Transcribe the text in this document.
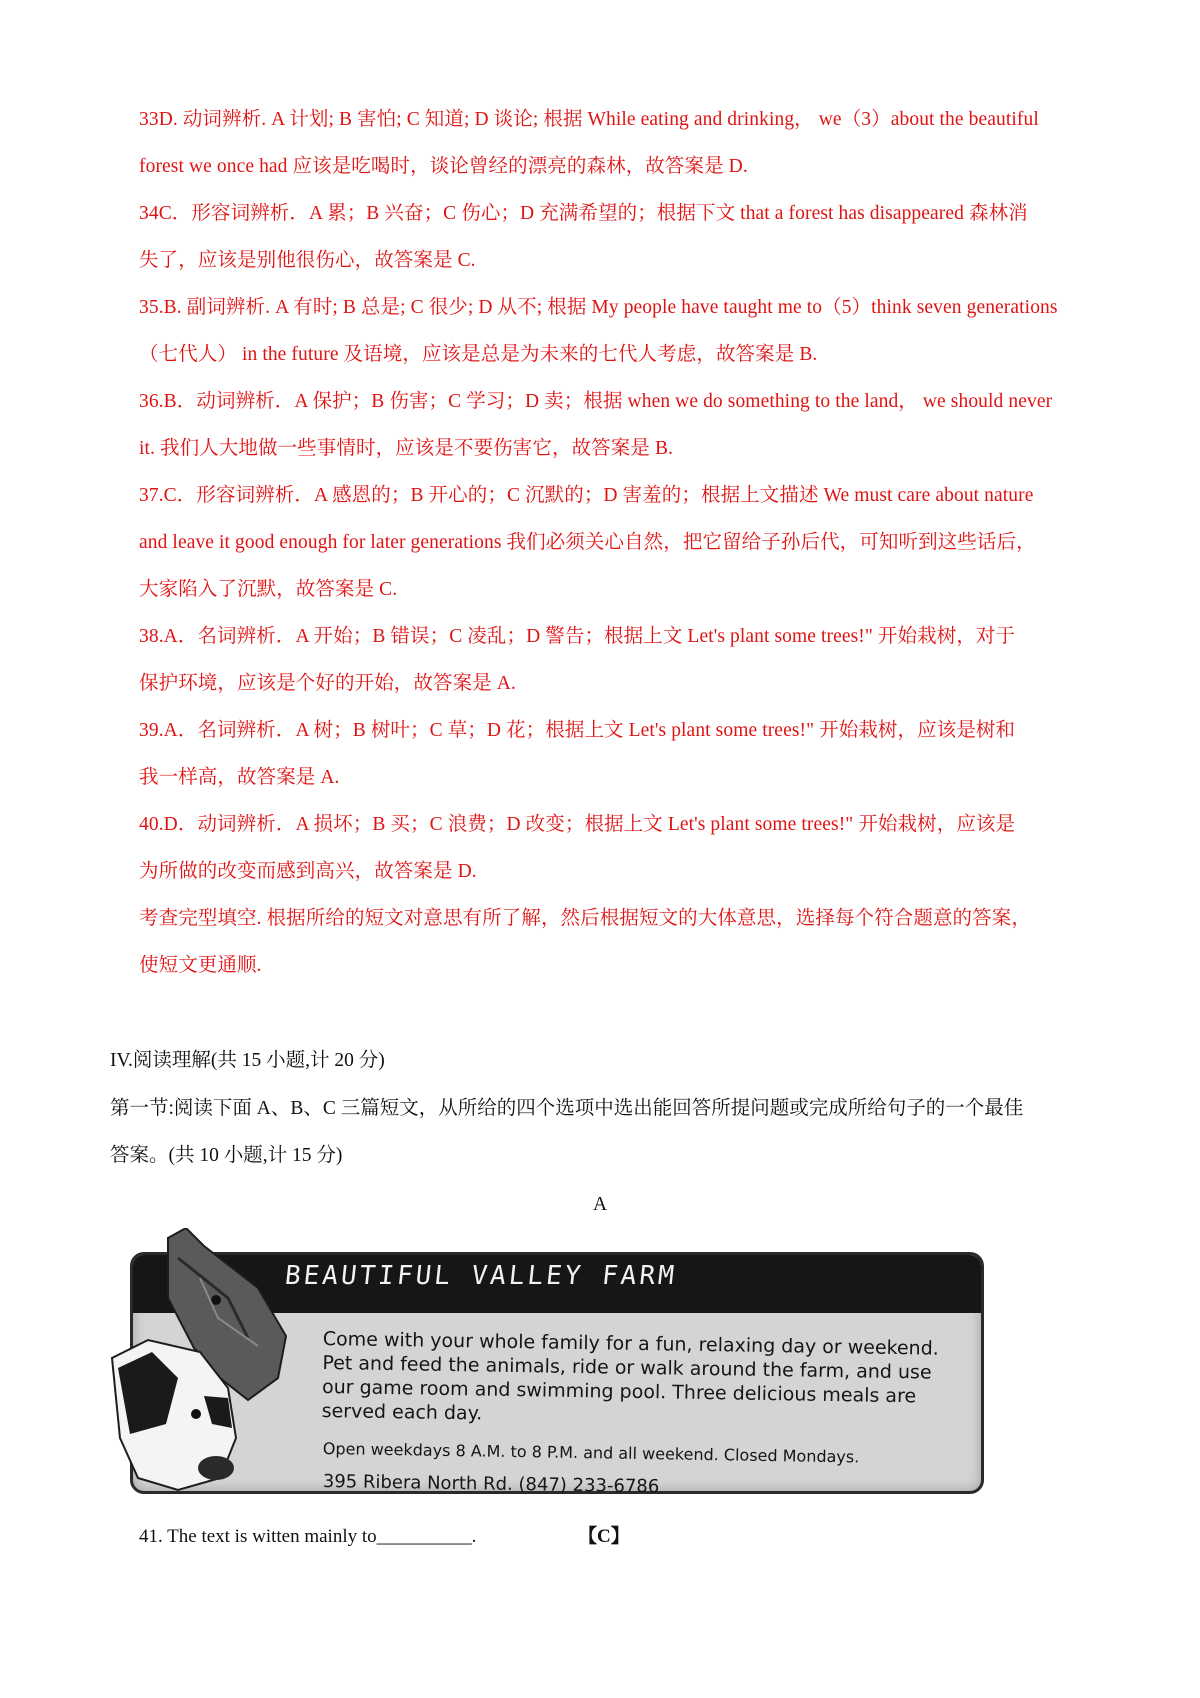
33D. 动词辨析. A 计划; B 害怕; C 知道; D 谈论; 根据 While eating and drinking， we（3）about the beautiful
forest we once had 应该是吃喝时，谈论曾经的漂亮的森林，故答案是 D.
34C．形容词辨析．A 累；B 兴奋；C 伤心；D 充满希望的；根据下文 that a forest has disappeared 森林消
失了，应该是别他很伤心，故答案是 C.
35.B. 副词辨析. A 有时; B 总是; C 很少; D 从不; 根据 My people have taught me to（5）think seven generations
（七代人） in the future 及语境，应该是总是为未来的七代人考虑，故答案是 B.
36.B．动词辨析．A 保护；B 伤害；C 学习；D 卖；根据 when we do something to the land， we should never
it. 我们人大地做一些事情时，应该是不要伤害它，故答案是 B.
37.C．形容词辨析．A 感恩的；B 开心的；C 沉默的；D 害羞的；根据上文描述 We must care about nature
and leave it good enough for later generations 我们必须关心自然，把它留给子孙后代，可知听到这些话后，
大家陷入了沉默，故答案是 C.
38.A．名词辨析．A 开始；B 错误；C 凌乱；D 警告；根据上文 Let's plant some trees!" 开始栽树，对于
保护环境，应该是个好的开始，故答案是 A.
39.A．名词辨析．A 树；B 树叶；C 草；D 花；根据上文 Let's plant some trees!" 开始栽树，应该是树和
我一样高，故答案是 A.
40.D．动词辨析．A 损坏；B 买；C 浪费；D 改变；根据上文 Let's plant some trees!" 开始栽树，应该是
为所做的改变而感到高兴，故答案是 D.
考查完型填空. 根据所给的短文对意思有所了解，然后根据短文的大体意思，选择每个符合题意的答案，
使短文更通顺.
IV.阅读理解(共 15 小题,计 20 分)
第一节:阅读下面 A、B、C 三篇短文，从所给的四个选项中选出能回答所提问题或完成所给句子的一个最佳
答案。(共 10 小题,计 15 分)
A
BEAUTIFUL VALLEY FARM
Come with your whole family for a fun, relaxing day or weekend.
Pet and feed the animals, ride or walk around the farm, and use
our game room and swimming pool. Three delicious meals are
served each day.
Open weekdays 8 A.M. to 8 P.M. and all weekend. Closed Mondays.
395 Ribera North Rd. (847) 233-6786
41. The text is witten mainly to__________.	【C】
